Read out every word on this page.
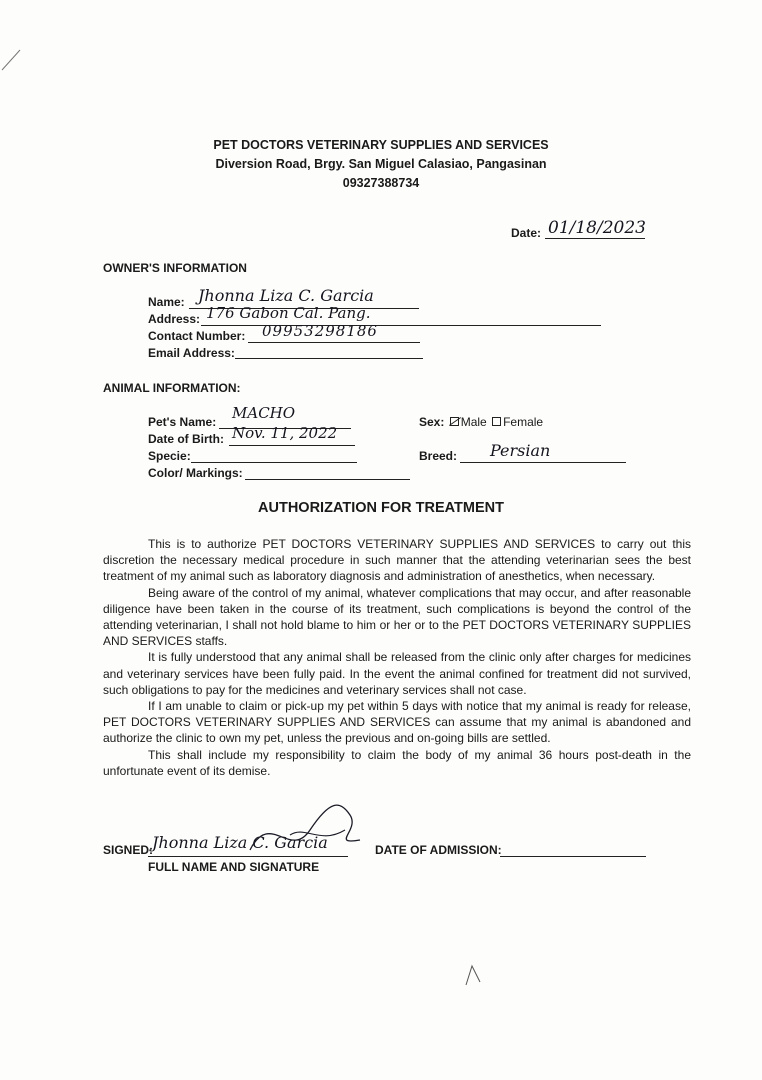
PET DOCTORS VETERINARY SUPPLIES AND SERVICES
Diversion Road, Brgy. San Miguel Calasiao, Pangasinan
09327388734
Date: 01/18/2023
OWNER'S INFORMATION
Name: Jhonna Liza C. Garcia
Address: 176 Gabon Cal. Pang.
Contact Number: 09953298186
Email Address:
ANIMAL INFORMATION:
Pet's Name: MACHO
Date of Birth: Nov. 11, 2022
Specie:
Color/ Markings:
Sex: Male Female
Breed: Persian
AUTHORIZATION FOR TREATMENT

This is to authorize PET DOCTORS VETERINARY SUPPLIES AND SERVICES to carry out this discretion the necessary medical procedure in such manner that the attending veterinarian sees the best treatment of my animal such as laboratory diagnosis and administration of anesthetics, when necessary.

Being aware of the control of my animal, whatever complications that may occur, and after reasonable diligence have been taken in the course of its treatment, such complications is beyond the control of the attending veterinarian, I shall not hold blame to him or her or to the PET DOCTORS VETERINARY SUPPLIES AND SERVICES staffs.

It is fully understood that any animal shall be released from the clinic only after charges for medicines and veterinary services have been fully paid. In the event the animal confined for treatment did not survived, such obligations to pay for the medicines and veterinary services shall not case.

If I am unable to claim or pick-up my pet within 5 days with notice that my animal is ready for release, PET DOCTORS VETERINARY SUPPLIES AND SERVICES can assume that my animal is abandoned and authorize the clinic to own my pet, unless the previous and on-going bills are settled.

This shall include my responsibility to claim the body of my animal 36 hours post-death in the unfortunate event of its demise.

SIGNED:
Jhonna Liza C. Garcia
FULL NAME AND SIGNATURE
DATE OF ADMISSION:
